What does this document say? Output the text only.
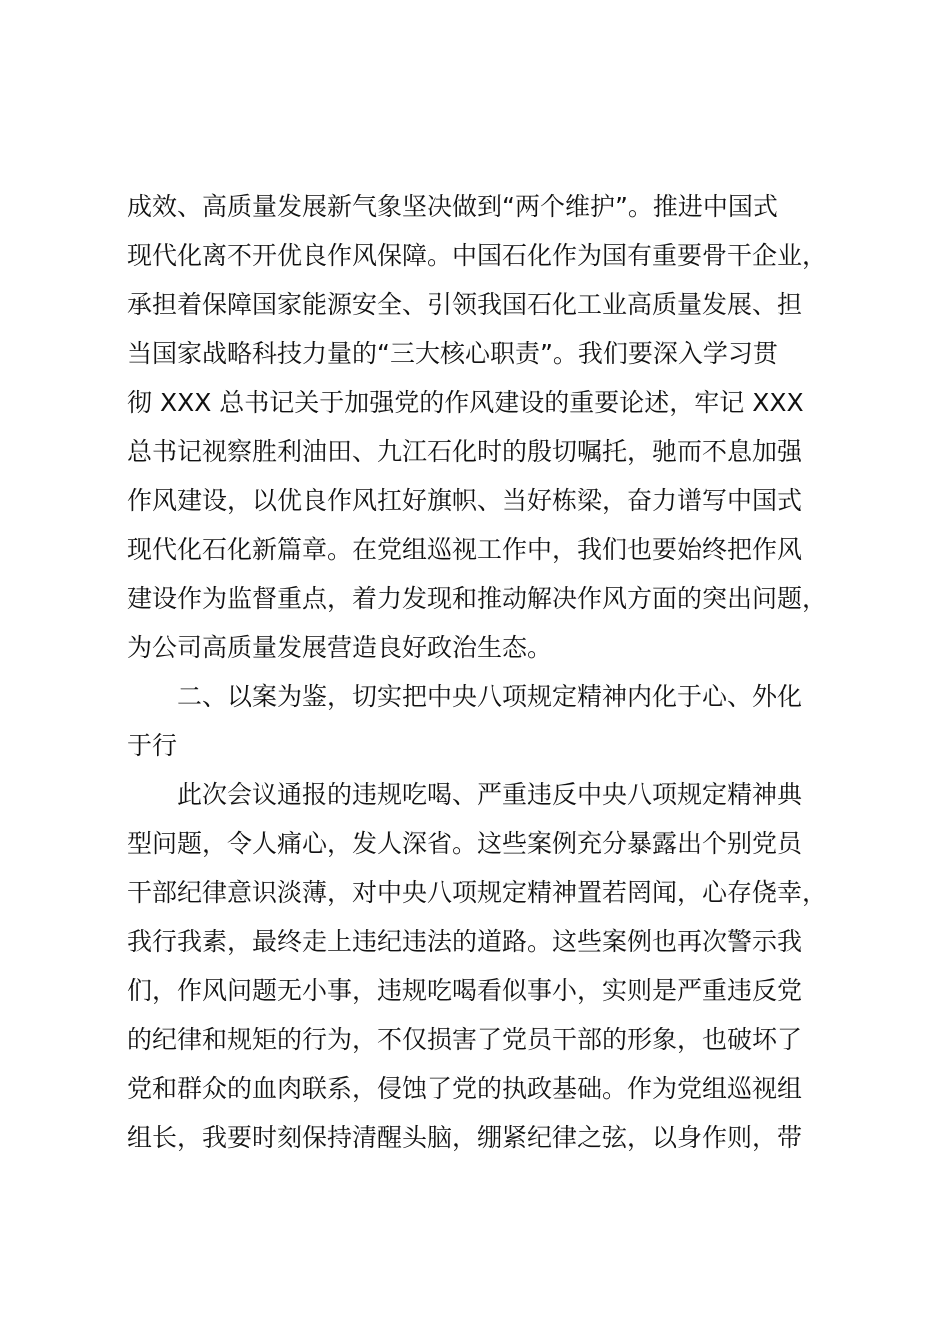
成效、高质量发展新气象坚决做到“两个维护”。推进中国式
现代化离不开优良作风保障。中国石化作为国有重要骨干企业，
承担着保障国家能源安全、引领我国石化工业高质量发展、担
当国家战略科技力量的“三大核心职责”。我们要深入学习贯
彻 XXX 总书记关于加强党的作风建设的重要论述，牢记 XXX
总书记视察胜利油田、九江石化时的殷切嘱托，驰而不息加强
作风建设，以优良作风扛好旗帜、当好栋梁，奋力谱写中国式
现代化石化新篇章。在党组巡视工作中，我们也要始终把作风
建设作为监督重点，着力发现和推动解决作风方面的突出问题，
为公司高质量发展营造良好政治生态。
二、以案为鉴，切实把中央八项规定精神内化于心、外化
于行
此次会议通报的违规吃喝、严重违反中央八项规定精神典
型问题，令人痛心，发人深省。这些案例充分暴露出个别党员
干部纪律意识淡薄，对中央八项规定精神置若罔闻，心存侥幸，
我行我素，最终走上违纪违法的道路。这些案例也再次警示我
们，作风问题无小事，违规吃喝看似事小，实则是严重违反党
的纪律和规矩的行为，不仅损害了党员干部的形象，也破坏了
党和群众的血肉联系，侵蚀了党的执政基础。作为党组巡视组
组长，我要时刻保持清醒头脑，绷紧纪律之弦，以身作则，带
